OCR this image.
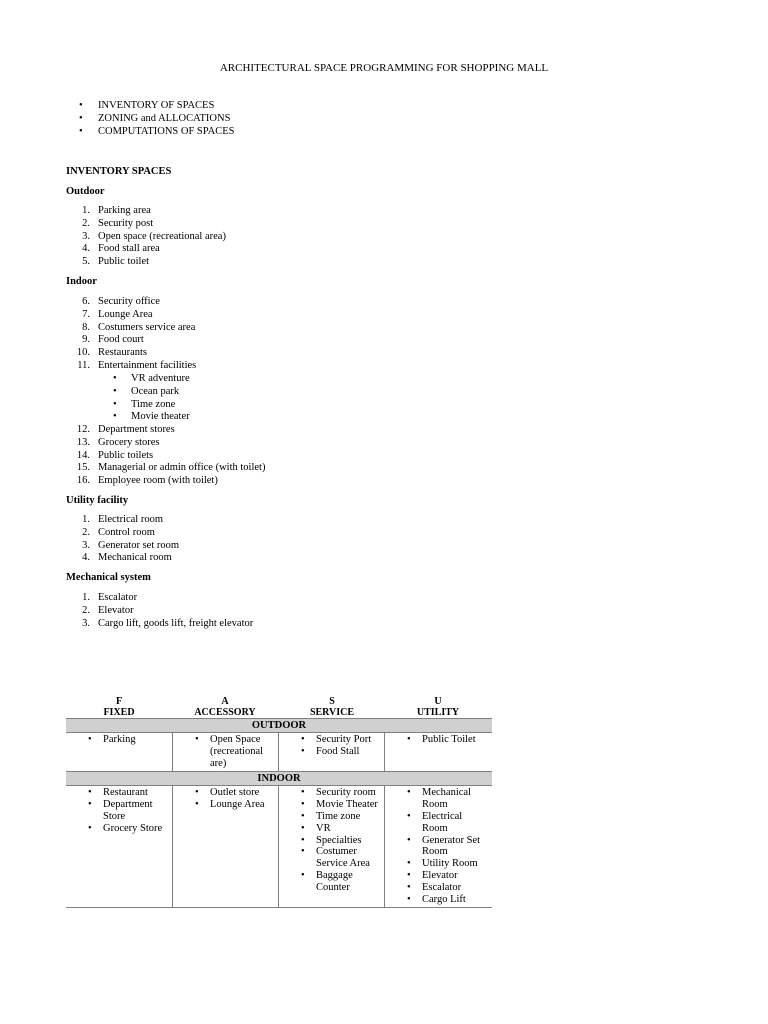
ARCHITECTURAL SPACE PROGRAMMING FOR SHOPPING MALL
• INVENTORY OF SPACES
• ZONING and ALLOCATIONS
• COMPUTATIONS OF SPACES
INVENTORY SPACES
Outdoor
1. Parking area
2. Security post
3. Open space (recreational area)
4. Food stall area
5. Public toilet
Indoor
6. Security office
7. Lounge Area
8. Costumers service area
9. Food court
10. Restaurants
11. Entertainment facilities
• VR adventure
• Ocean park
• Time zone
• Movie theater
12. Department stores
13. Grocery stores
14. Public toilets
15. Managerial or admin office (with toilet)
16. Employee room (with toilet)
Utility facility
1. Electrical room
2. Control room
3. Generator set room
4. Mechanical room
Mechanical system
1. Escalator
2. Elevator
3. Cargo lift, goods lift, freight elevator
F
FIXED
A
ACCESSORY
S
SERVICE
U
UTILITY
OUTDOOR
• Parking
•	Open Space (recreational are)
• Security Port
• Food Stall
• Public Toilet
INDOOR
• Restaurant
• Department Store
• Grocery Store
• Outlet store
• Lounge Area
• Security room
• Movie Theater
• Time zone
• VR
• Specialties
• Costumer Service Area
• Baggage Counter
• Mechanical Room
• Electrical Room
• Generator Set Room
• Utility Room
• Elevator
• Escalator
• Cargo Lift
